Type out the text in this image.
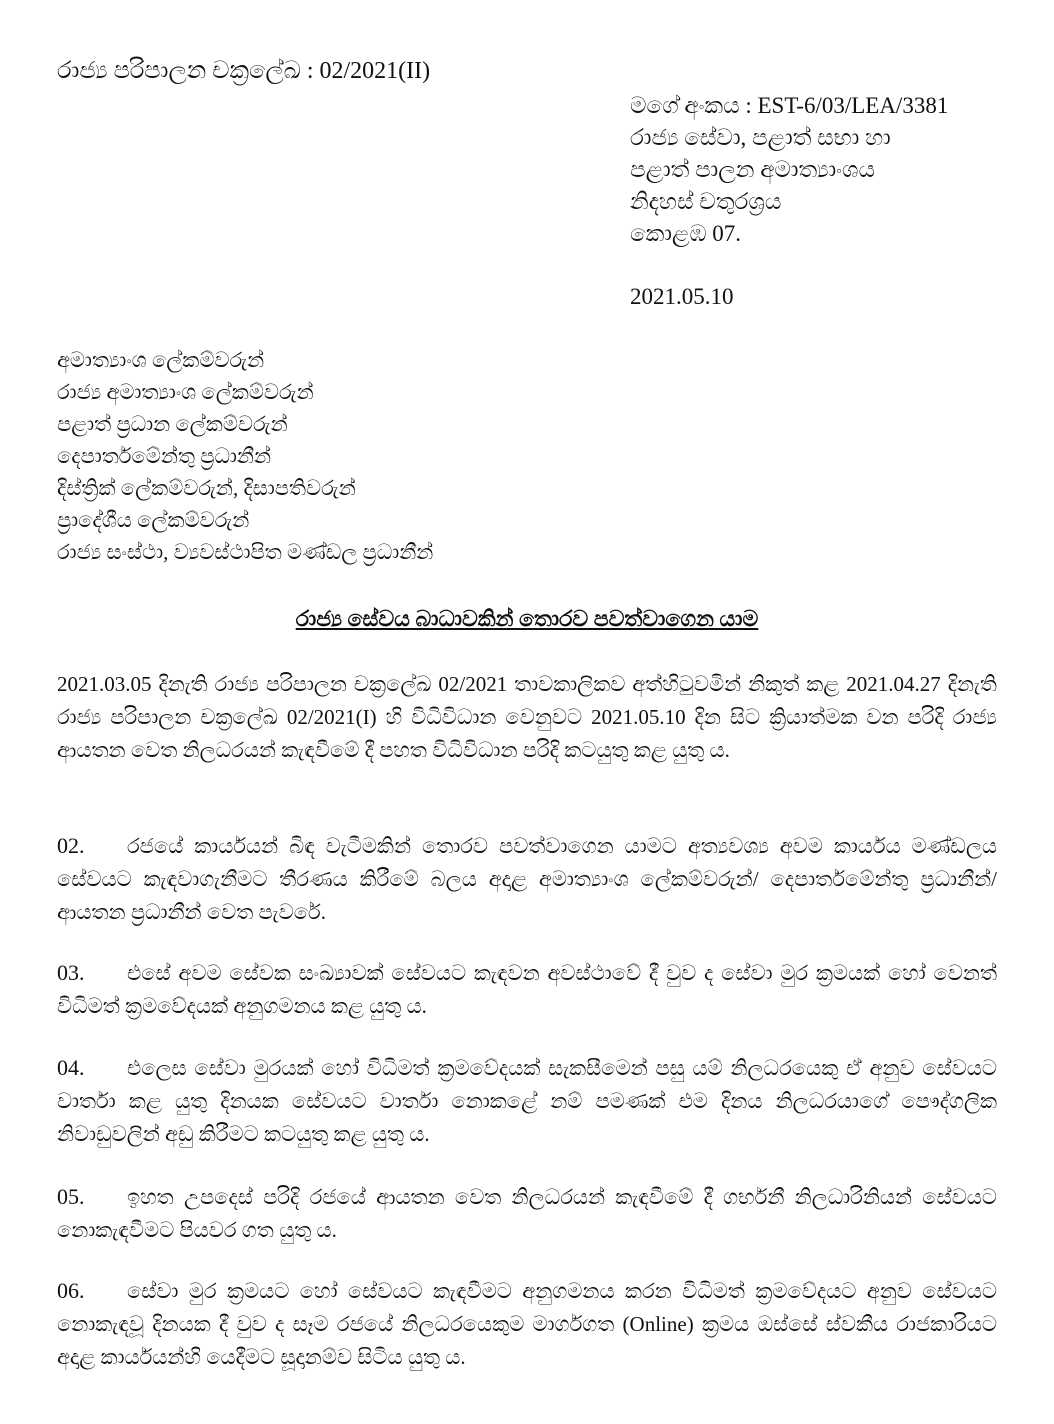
රාජ්‍ය පරිපාලන චක්‍රලේඛ : 02/2021(II)
මගේ අංකය : EST-6/03/LEA/3381
රාජ්‍ය සේවා, පළාත් සභා හා
පළාත් පාලන අමාත්‍යාංශය
නිදහස් චතුරශ්‍රය
කොළඹ 07.
2021.05.10
අමාත්‍යාංශ ලේකම්වරුන්
රාජ්‍ය අමාත්‍යාංශ ලේකම්වරුන්
පළාත් ප්‍රධාන ලේකම්වරුන්
දෙපාර්තමේන්තු ප්‍රධානීන්
දිස්ත්‍රික් ලේකම්වරුන්, දිසාපතිවරුන්
ප්‍රාදේශීය ලේකම්වරුන්
රාජ්‍ය සංස්ථා, ව්‍යවස්ථාපිත මණ්ඩල ප්‍රධානීන්
රාජ්‍ය සේවය බාධාවකින් තොරව පවත්වාගෙන යාම
2021.03.05 දිනැති රාජ්‍ය පරිපාලන චක්‍රලේඛ 02/2021 තාවකාලිකව අත්හිටුවමින් නිකුත් කළ 2021.04.27 දිනැති රාජ්‍ය පරිපාලන චක්‍රලේඛ 02/2021(I) හි විධිවිධාන වෙනුවට 2021.05.10 දින සිට ක්‍රියාත්මක වන පරිදි රාජ්‍ය ආයතන වෙත නිලධරයන් කැඳවීමේ දී පහත විධිවිධාන පරිදි කටයුතු කළ යුතු ය.
02. රජයේ කාර්යයන් බිඳ වැටීමකින් තොරව පවත්වාගෙන යාමට අත්‍යවශ්‍ය අවම කාර්යය මණ්ඩලය සේවයට කැඳවාගැනීමට තීරණය කිරීමේ බලය අදාළ අමාත්‍යාංශ ලේකම්වරුන්/ දෙපාර්තමේන්තු ප්‍රධානීන්/ ආයතන ප්‍රධානීන් වෙත පැවරේ.
03. එසේ අවම සේවක සංඛ්‍යාවක් සේවයට කැඳවන අවස්ථාවේ දී වුව ද සේවා මුර ක්‍රමයක් හෝ වෙනත් විධිමත් ක්‍රමවේදයක් අනුගමනය කළ යුතු ය.
04. එලෙස සේවා මුරයක් හෝ විධිමත් ක්‍රමවේදයක් සැකසීමෙන් පසු යම් නිලධරයෙකු ඒ අනුව සේවයට වාර්තා කළ යුතු දිනයක සේවයට වාර්තා නොකළේ නම් පමණක් එම දිනය නිලධරයාගේ පෞද්ගලික නිවාඩුවලින් අඩු කිරීමට කටයුතු කළ යුතු ය.
05. ඉහත උපදෙස් පරිදි රජයේ ආයතන වෙත නිලධරයන් කැඳවීමේ දී ගර්භනී නිලධාරිනියන් සේවයට නොකැඳවීමට පියවර ගත යුතු ය.
06. සේවා මුර ක්‍රමයට හෝ සේවයට කැඳවීමට අනුගමනය කරන විධිමත් ක්‍රමවේදයට අනුව සේවයට නොකැඳවූ දිනයක දී වුව ද සෑම රජයේ නිලධරයෙකුම මාර්ගගත (Online) ක්‍රමය ඔස්සේ ස්වකීය රාජකාරියට අදාළ කාර්යයන්හි යෙදීමට සූදානම්ව සිටිය යුතු ය.
